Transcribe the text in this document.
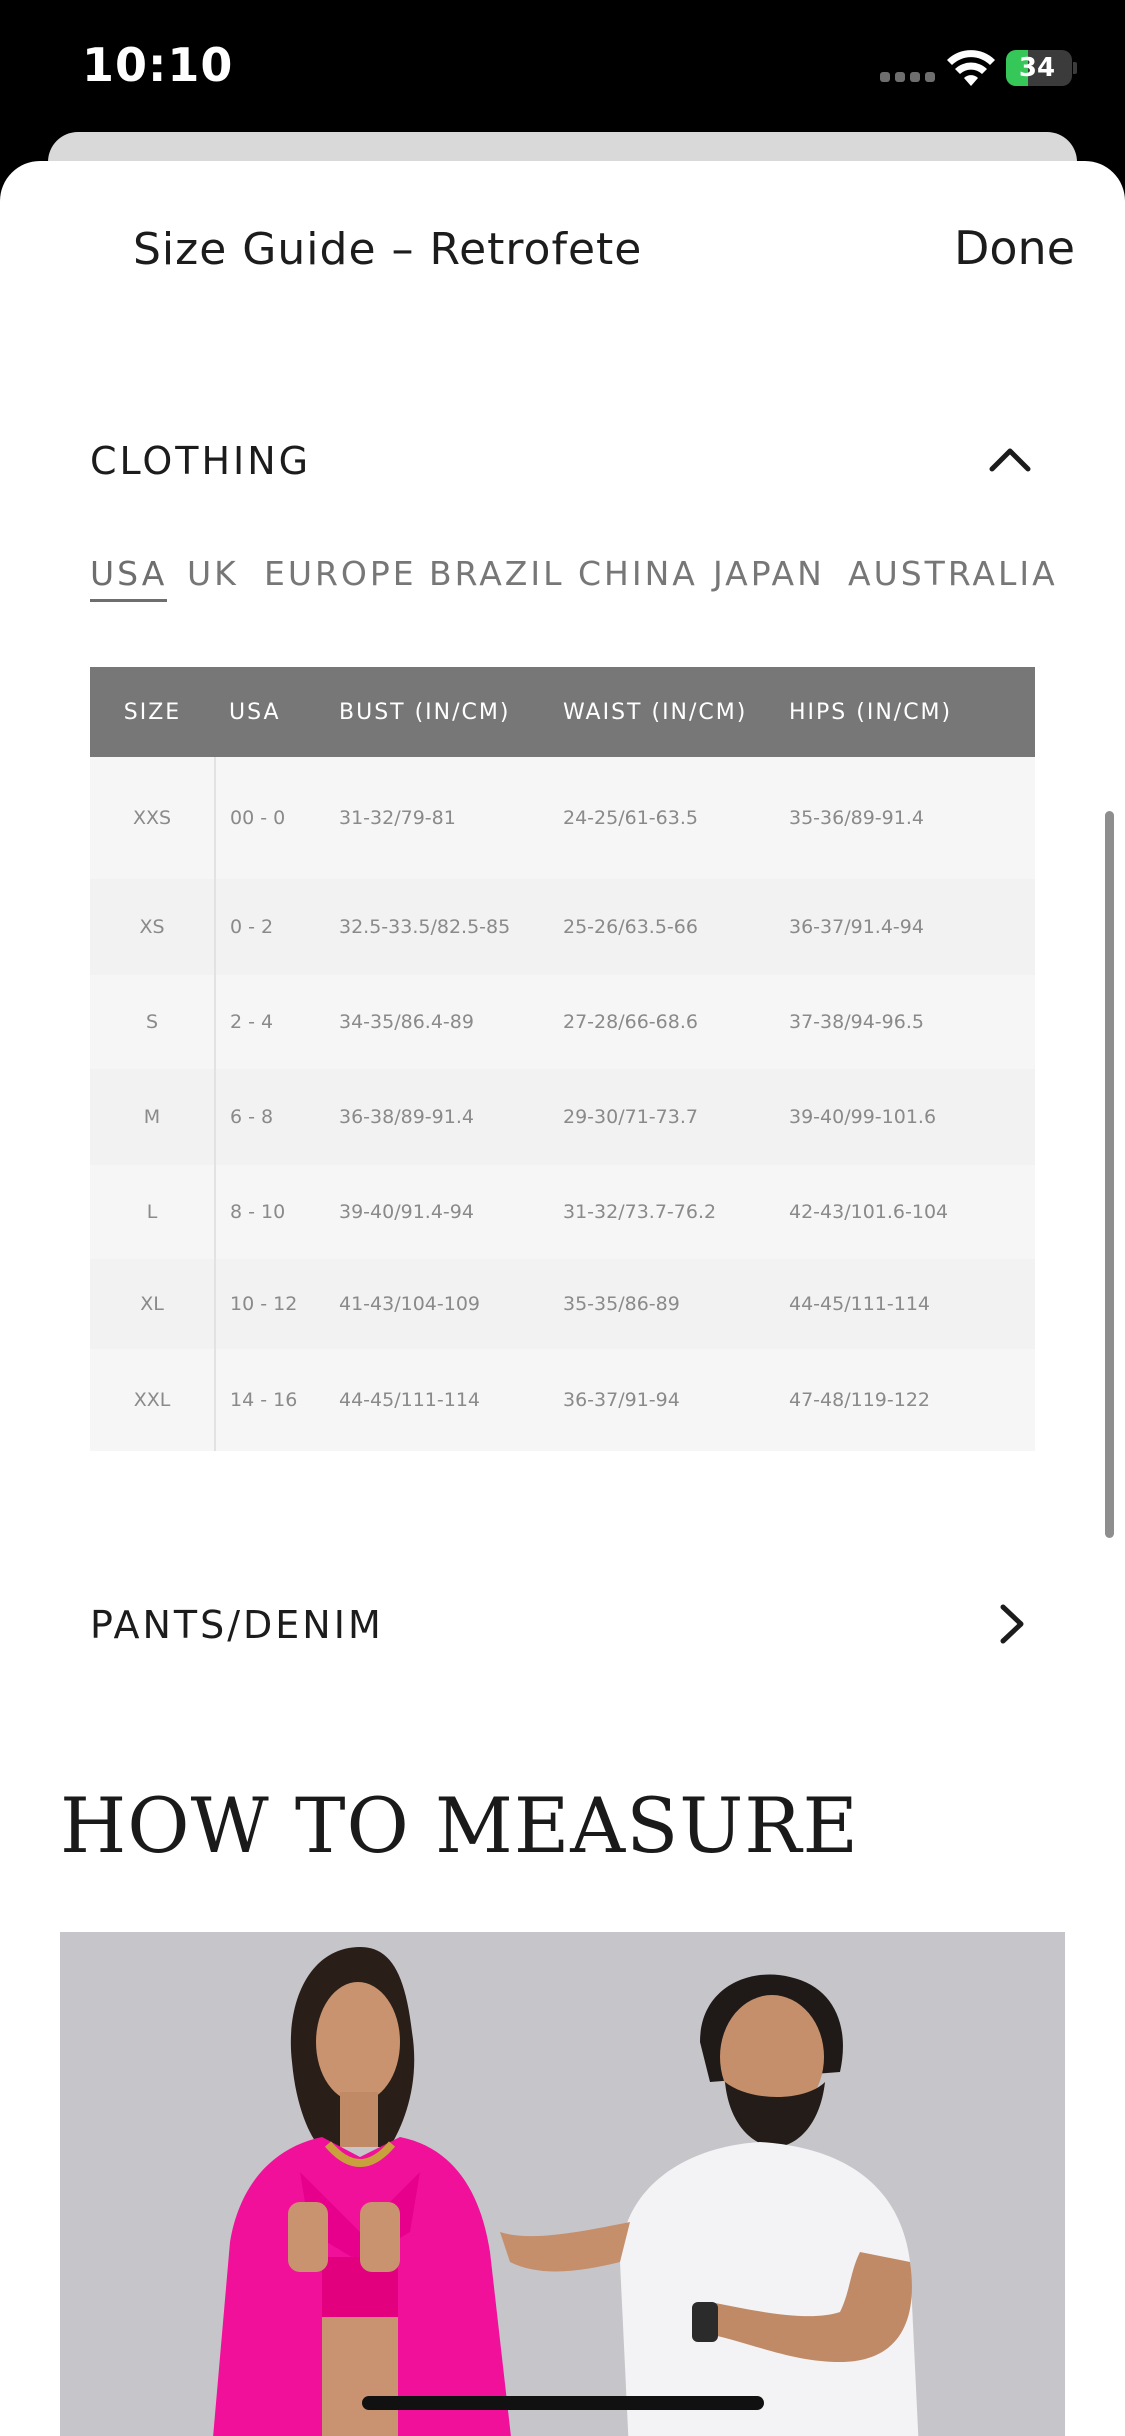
10:10	34
Size Guide – Retrofete	Done
CLOTHING
USA UK EUROPE BRAZIL CHINA JAPAN AUSTRALIA
SIZE	USA	BUST (IN/CM)	WAIST (IN/CM)	HIPS (IN/CM)
XXS	00 - 0	31-32/79-81	24-25/61-63.5	35-36/89-91.4
XS	0 - 2	32.5-33.5/82.5-85	25-26/63.5-66	36-37/91.4-94
S	2 - 4	34-35/86.4-89	27-28/66-68.6	37-38/94-96.5
M	6 - 8	36-38/89-91.4	29-30/71-73.7	39-40/99-101.6
L	8 - 10	39-40/91.4-94	31-32/73.7-76.2	42-43/101.6-104
XL	10 - 12	41-43/104-109	35-35/86-89	44-45/111-114
XXL	14 - 16	44-45/111-114	36-37/91-94	47-48/119-122
PANTS/DENIM
HOW TO MEASURE
